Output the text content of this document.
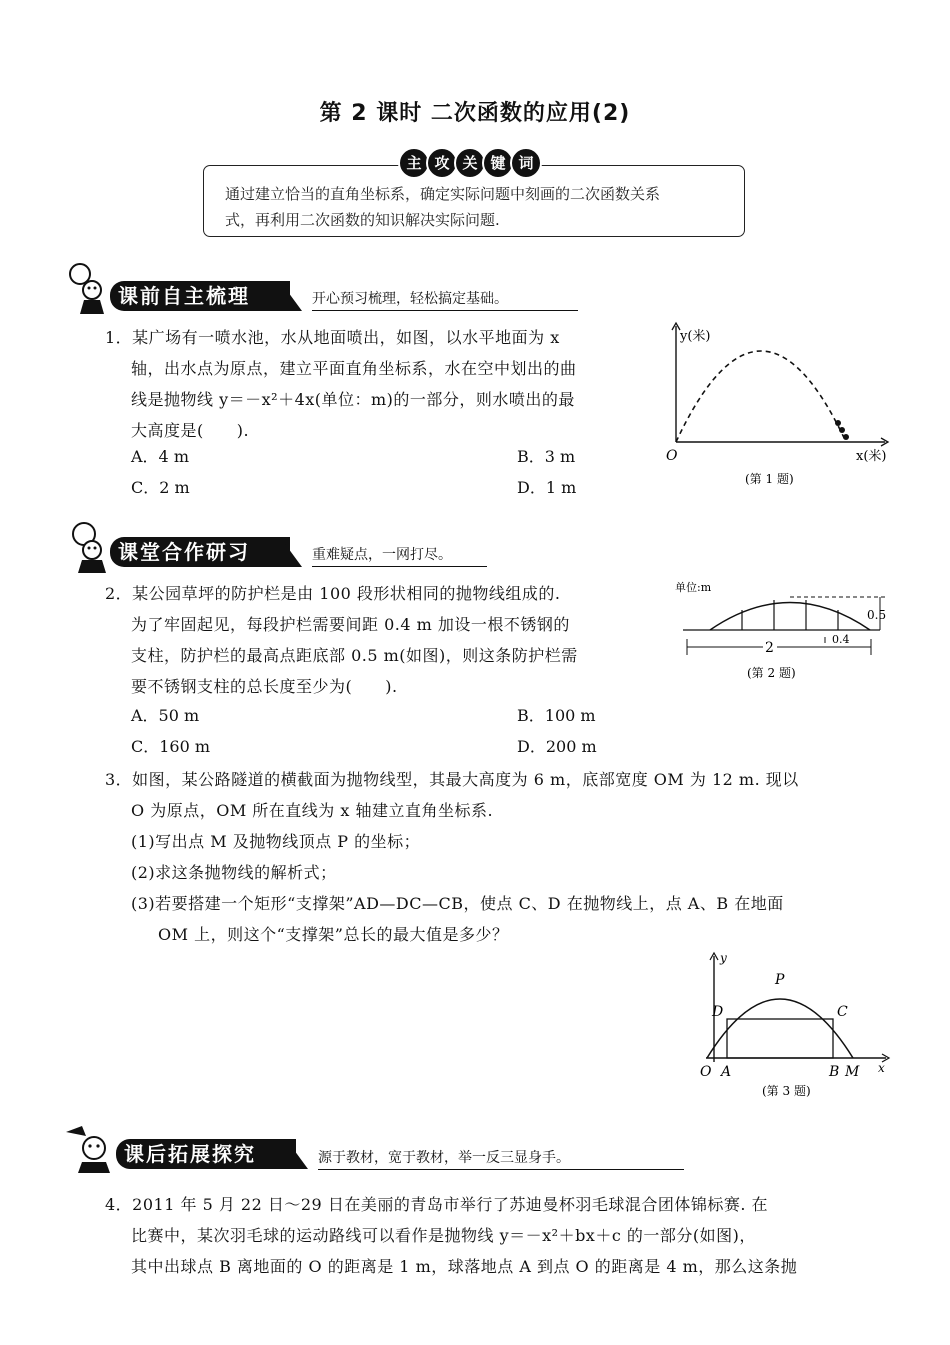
第 2 课时 二次函数的应用(2)
主 攻 关 键 词
通过建立恰当的直角坐标系，确定实际问题中刻画的二次函数关系
式，再利用二次函数的知识解决实际问题.
课前自主梳理	开心预习梳理，轻松搞定基础。
1．某广场有一喷水池，水从地面喷出，如图，以水平地面为 x
轴，出水点为原点，建立平面直角坐标系，水在空中划出的曲
线是抛物线 y＝－x²＋4x(单位：m)的一部分，则水喷出的最
大高度是(　　).
A．4 m	B．3 m
C．2 m	D．1 m
y(米)
O	x(米)
(第 1 题)
课堂合作研习	重难疑点，一网打尽。
2．某公园草坪的防护栏是由 100 段形状相同的抛物线组成的.
为了牢固起见，每段护栏需要间距 0.4 m 加设一根不锈钢的
支柱，防护栏的最高点距底部 0.5 m(如图)，则这条防护栏需
要不锈钢支柱的总长度至少为(　　).
A．50 m	B．100 m
C．160 m	D．200 m
单位:m
0.5
2
0.4
(第 2 题)
3．如图，某公路隧道的横截面为抛物线型，其最大高度为 6 m，底部宽度 OM 为 12 m. 现以
O 为原点，OM 所在直线为 x 轴建立直角坐标系.
(1)写出点 M 及抛物线顶点 P 的坐标；
(2)求这条抛物线的解析式；
(3)若要搭建一个矩形“支撑架”AD—DC—CB，使点 C、D 在抛物线上，点 A、B 在地面
OM 上，则这个“支撑架”总长的最大值是多少？
y
P
D	C
O A	B M x
(第 3 题)
课后拓展探究	源于教材，宽于教材，举一反三显身手。
4．2011 年 5 月 22 日～29 日在美丽的青岛市举行了苏迪曼杯羽毛球混合团体锦标赛. 在
比赛中，某次羽毛球的运动路线可以看作是抛物线 y＝－x²＋bx＋c 的一部分(如图)，
其中出球点 B 离地面的 O 的距离是 1 m，球落地点 A 到点 O 的距离是 4 m，那么这条抛
